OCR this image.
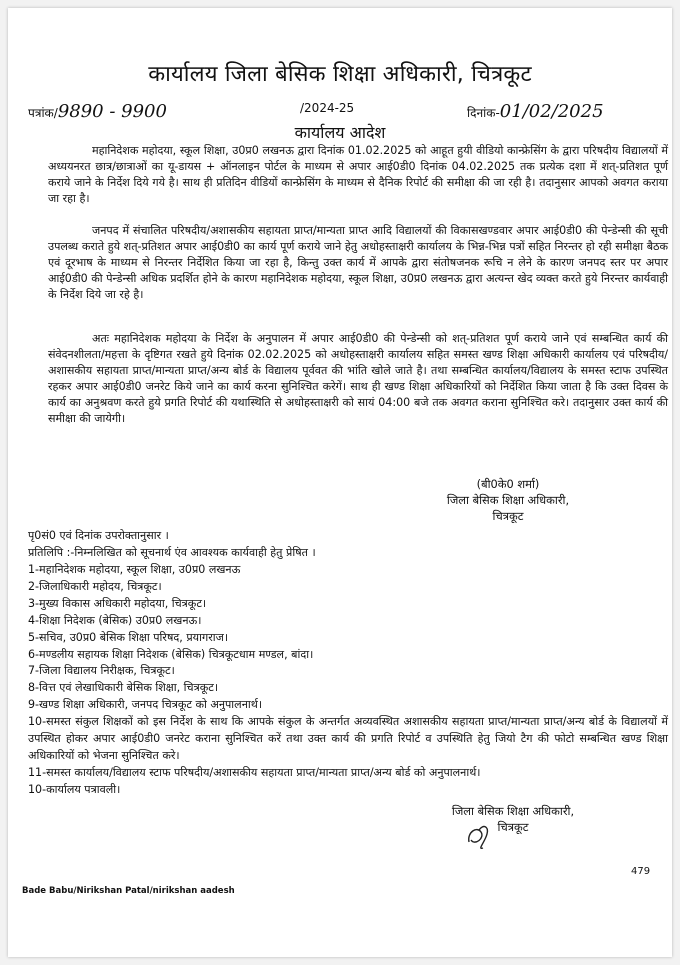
कार्यालय जिला बेसिक शिक्षा अधिकारी, चित्रकूट
पत्रांक/9890 - 9900	/2024-25	दिनांक-01/02/2025
कार्यालय आदेश
महानिदेशक महोदया, स्कूल शिक्षा, उ0प्र0 लखनऊ द्वारा दिनांक 01.02.2025 को आहूत हुयी वीडियो कान्फ्रेसिंग के द्वारा परिषदीय विद्यालयों में अध्ययनरत छात्र/छात्राओं का यू-डायस + ऑनलाइन पोर्टल के माध्यम से अपार आई0डी0 दिनांक 04.02.2025 तक प्रत्येक दशा में शत्-प्रतिशत पूर्ण कराये जाने के निर्देश दिये गये है। साथ ही प्रतिदिन वीडियों कान्फ्रेसिंग के माध्यम से दैनिक रिपोर्ट की समीक्षा की जा रही है। तदानुसार आपको अवगत कराया जा रहा है।
जनपद में संचालित परिषदीय/अशासकीय सहायता प्राप्त/मान्यता प्राप्त आदि विद्यालयों की विकासखण्डवार अपार आई0डी0 की पेन्डेन्सी की सूची उपलब्ध कराते हुये शत्-प्रतिशत अपार आई0डी0 का कार्य पूर्ण कराये जाने हेतु अधोहस्ताक्षरी कार्यालय के भिन्न-भिन्न पत्रों सहित निरन्तर हो रही समीक्षा बैठक एवं दूरभाष के माध्यम से निरन्तर निर्देशित किया जा रहा है, किन्तु उक्त कार्य में आपके द्वारा संतोषजनक रूचि न लेने के कारण जनपद स्तर पर अपार आई0डी0 की पेन्डेन्सी अधिक प्रदर्शित होने के कारण महानिदेशक महोदया, स्कूल शिक्षा, उ0प्र0 लखनऊ द्वारा अत्यन्त खेद व्यक्त करते हुये निरन्तर कार्यवाही के निर्देश दिये जा रहे है।
अतः महानिदेशक महोदया के निर्देश के अनुपालन में अपार आई0डी0 की पेन्डेन्सी को शत्-प्रतिशत पूर्ण कराये जाने एवं सम्बन्धित कार्य की संवेदनशीलता/महत्ता के दृष्टिगत रखते हुये दिनांक 02.02.2025 को अधोहस्ताक्षरी कार्यालय सहित समस्त खण्ड शिक्षा अधिकारी कार्यालय एवं परिषदीय/अशासकीय सहायता प्राप्त/मान्यता प्राप्त/अन्य बोर्ड के विद्यालय पूर्ववत की भांति खोले जाते है। तथा सम्बन्धित कार्यालय/विद्यालय के समस्त स्टाफ उपस्थित रहकर अपार आई0डी0 जनरेट किये जाने का कार्य करना सुनिश्चित करेगें। साथ ही खण्ड शिक्षा अधिकारियों को निर्देशित किया जाता है कि उक्त दिवस के कार्य का अनुश्रवण करते हुये प्रगति रिपोर्ट की यथास्थिति से अधोहस्ताक्षरी को सायं 04:00 बजे तक अवगत कराना सुनिश्चित करे। तदानुसार उक्त कार्य की समीक्षा की जायेगी।
(बी0के0 शर्मा)
जिला बेसिक शिक्षा अधिकारी,
चित्रकूट
पृ0सं0 एवं दिनांक उपरोक्तानुसार ।
प्रतिलिपि :-निम्नलिखित को सूचनार्थ एंव आवश्यक कार्यवाही हेतु प्रेषित ।
1-महानिदेशक महोदया, स्कूल शिक्षा, उ0प्र0 लखनऊ
2-जिलाधिकारी महोदय, चित्रकूट।
3-मुख्य विकास अधिकारी महोदया, चित्रकूट।
4-शिक्षा निदेशक (बेसिक) उ0प्र0 लखनऊ।
5-सचिव, उ0प्र0 बेसिक शिक्षा परिषद, प्रयागराज।
6-मण्डलीय सहायक शिक्षा निदेशक (बेसिक) चित्रकूटधाम मण्डल, बांदा।
7-जिला विद्यालय निरीक्षक, चित्रकूट।
8-वित्त एवं लेखाधिकारी बेसिक शिक्षा, चित्रकूट।
9-खण्ड शिक्षा अधिकारी, जनपद चित्रकूट को अनुपालनार्थ।
10-समस्त संकुल शिक्षकों को इस निर्देश के साथ कि आपके संकुल के अन्तर्गत अव्यवस्थित अशासकीय सहायता प्राप्त/मान्यता प्राप्त/अन्य बोर्ड के विद्यालयों में उपस्थित होकर अपार आई0डी0 जनरेट कराना सुनिश्चित करें तथा उक्त कार्य की प्रगति रिपोर्ट व उपस्थिति हेतु जियो टैग की फोटो सम्बन्धित खण्ड शिक्षा अधिकारियों को भेजना सुनिश्चित करे।
11-समस्त कार्यालय/विद्यालय स्टाफ परिषदीय/अशासकीय सहायता प्राप्त/मान्यता प्राप्त/अन्य बोर्ड को अनुपालनार्थ।
10-कार्यालय पत्रावली।
जिला बेसिक शिक्षा अधिकारी,
चित्रकूट
479
Bade Babu/Nirikshan Patal/nirikshan aadesh
